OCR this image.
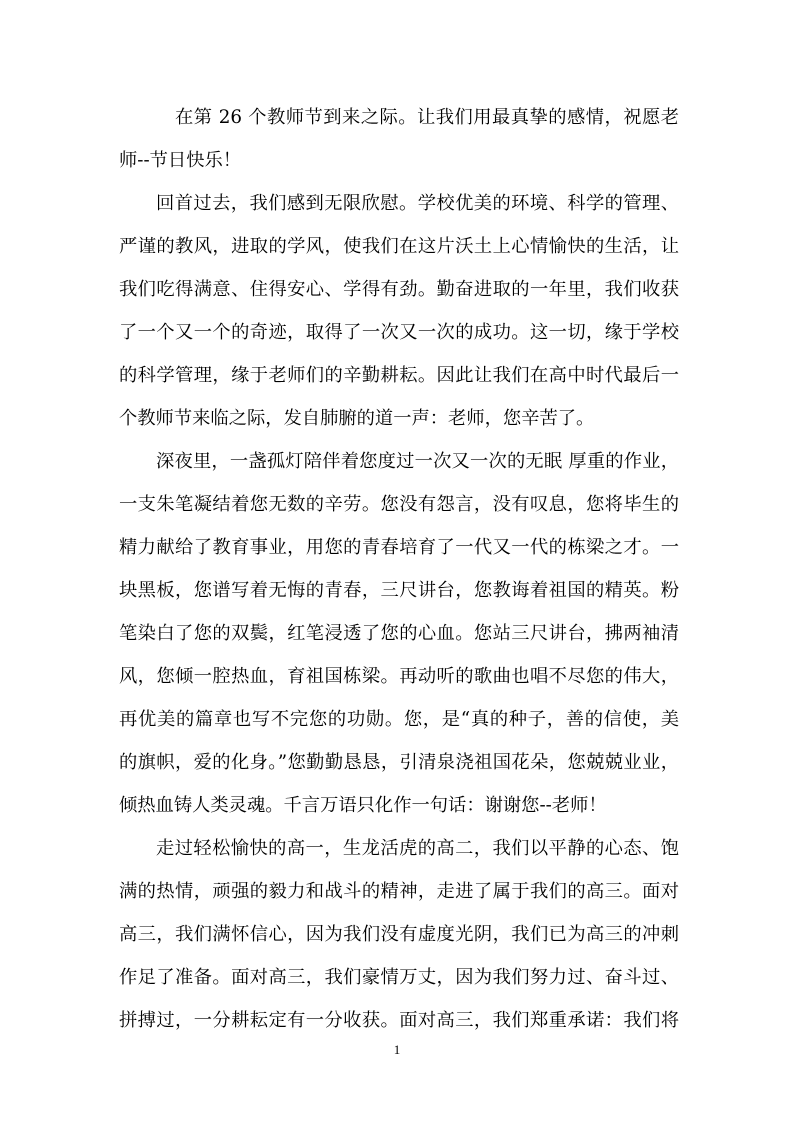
在第 26 个教师节到来之际。让我们用最真挚的感情，祝愿老
师--节日快乐！
回首过去，我们感到无限欣慰。学校优美的环境、科学的管理、
严谨的教风，进取的学风，使我们在这片沃土上心情愉快的生活，让
我们吃得满意、住得安心、学得有劲。勤奋进取的一年里，我们收获
了一个又一个的奇迹，取得了一次又一次的成功。这一切，缘于学校
的科学管理，缘于老师们的辛勤耕耘。因此让我们在高中时代最后一
个教师节来临之际，发自肺腑的道一声：老师，您辛苦了。
深夜里，一盏孤灯陪伴着您度过一次又一次的无眠 厚重的作业，
一支朱笔凝结着您无数的辛劳。您没有怨言，没有叹息，您将毕生的
精力献给了教育事业，用您的青春培育了一代又一代的栋梁之才。一
块黑板，您谱写着无悔的青春，三尺讲台，您教诲着祖国的精英。粉
笔染白了您的双鬓，红笔浸透了您的心血。您站三尺讲台，拂两袖清
风，您倾一腔热血，育祖国栋梁。再动听的歌曲也唱不尽您的伟大，
再优美的篇章也写不完您的功勋。您，是“真的种子，善的信使，美
的旗帜，爱的化身。”您勤勤恳恳，引清泉浇祖国花朵，您兢兢业业，
倾热血铸人类灵魂。千言万语只化作一句话：谢谢您--老师！
走过轻松愉快的高一，生龙活虎的高二，我们以平静的心态、饱
满的热情，顽强的毅力和战斗的精神，走进了属于我们的高三。面对
高三，我们满怀信心，因为我们没有虚度光阴，我们已为高三的冲刺
作足了准备。面对高三，我们豪情万丈，因为我们努力过、奋斗过、
拼搏过，一分耕耘定有一分收获。面对高三，我们郑重承诺：我们将
1
